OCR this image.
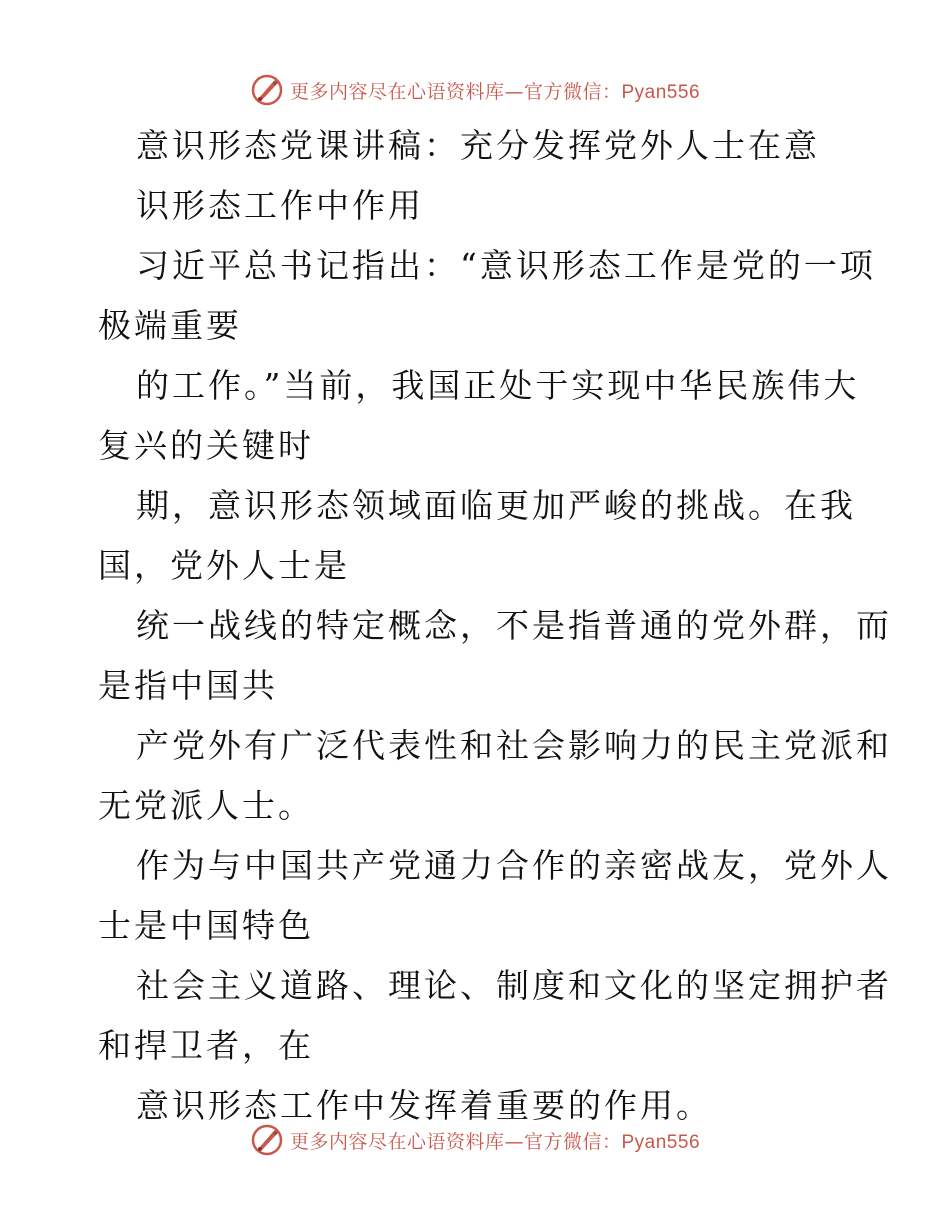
更多内容尽在心语资料库—官方微信：Pyan556
意识形态党课讲稿：充分发挥党外人士在意
识形态工作中作用
习近平总书记指出：“意识形态工作是党的一项
极端重要
的工作。”当前，我国正处于实现中华民族伟大
复兴的关键时
期，意识形态领域面临更加严峻的挑战。在我
国，党外人士是
统一战线的特定概念，不是指普通的党外群，而
是指中国共
产党外有广泛代表性和社会影响力的民主党派和
无党派人士。
作为与中国共产党通力合作的亲密战友，党外人
士是中国特色
社会主义道路、理论、制度和文化的坚定拥护者
和捍卫者，在
意识形态工作中发挥着重要的作用。
更多内容尽在心语资料库—官方微信：Pyan556
